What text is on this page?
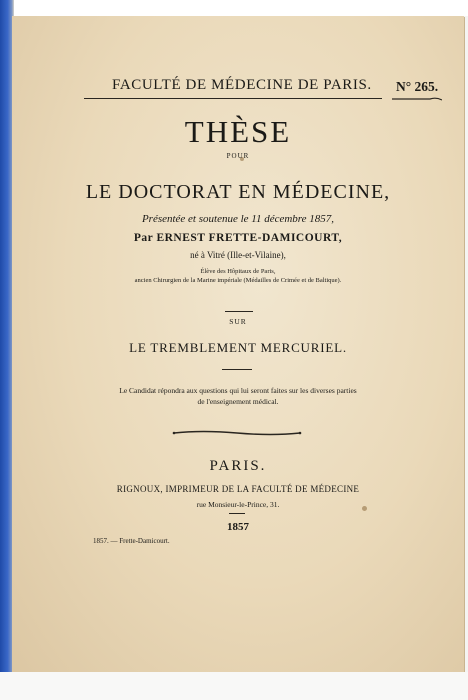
FACULTÉ DE MÉDECINE DE PARIS. N° 265.
THÈSE
POUR
LE DOCTORAT EN MÉDECINE,
Présentée et soutenue le 11 décembre 1857,
Par ERNEST FRETTE-DAMICOURT,
né à Vitré (Ille-et-Vilaine),
Élève des Hôpitaux de Paris,
ancien Chirurgien de la Marine impériale (Médailles de Crimée et de Baltique).
SUR
LE TREMBLEMENT MERCURIEL.
Le Candidat répondra aux questions qui lui seront faites sur les diverses parties
de l'enseignement médical.
PARIS.
RIGNOUX, IMPRIMEUR DE LA FACULTÉ DE MÉDECINE
rue Monsieur-le-Prince, 31.
1857
1857. — Frette-Damicourt.
